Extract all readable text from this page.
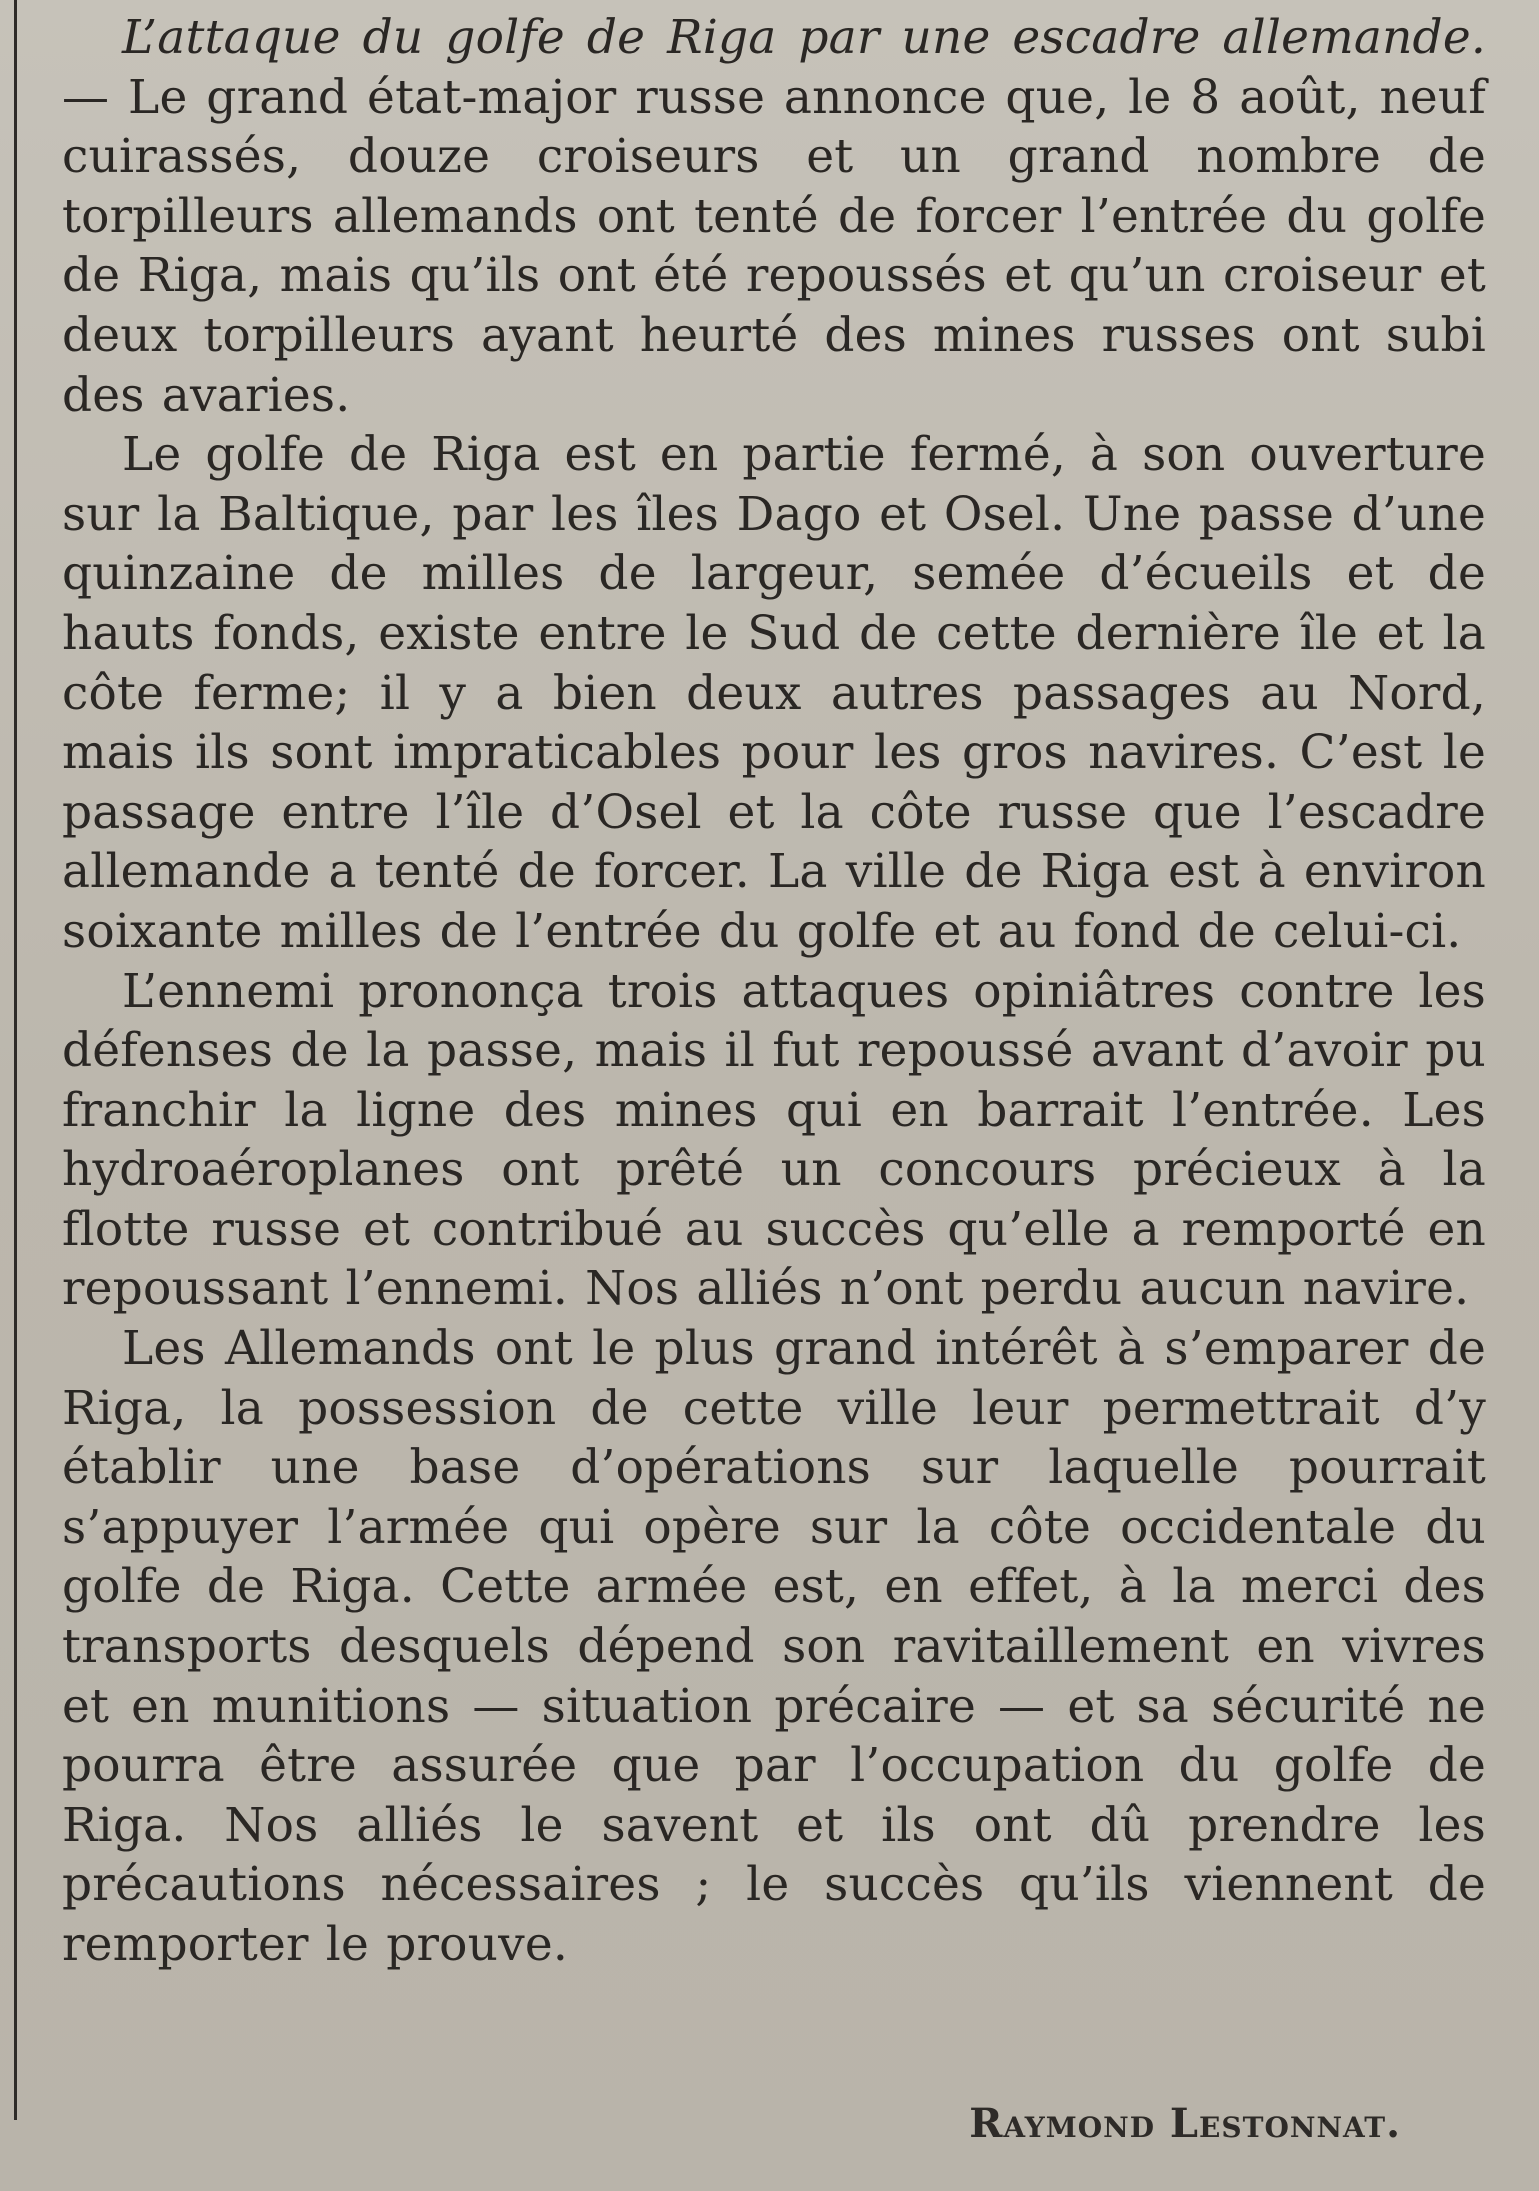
L’attaque du golfe de Riga par une escadre allemande. — Le grand état-major russe annonce que, le 8 août, neuf cuirassés, douze croiseurs et un grand nombre de torpilleurs allemands ont tenté de forcer l’entrée du golfe de Riga, mais qu’ils ont été repoussés et qu’un croiseur et deux torpilleurs ayant heurté des mines russes ont subi des avaries.

Le golfe de Riga est en partie fermé, à son ouverture sur la Baltique, par les îles Dago et Osel. Une passe d’une quinzaine de milles de largeur, semée d’écueils et de hauts fonds, existe entre le Sud de cette dernière île et la côte ferme; il y a bien deux autres passages au Nord, mais ils sont impraticables pour les gros navires. C’est le passage entre l’île d’Osel et la côte russe que l’escadre allemande a tenté de forcer. La ville de Riga est à environ soixante milles de l’entrée du golfe et au fond de celui-ci.

L’ennemi prononça trois attaques opiniâtres contre les défenses de la passe, mais il fut repoussé avant d’avoir pu franchir la ligne des mines qui en barrait l’entrée. Les hydroaéroplanes ont prêté un concours précieux à la flotte russe et contribué au succès qu’elle a remporté en repoussant l’ennemi. Nos alliés n’ont perdu aucun navire.

Les Allemands ont le plus grand intérêt à s’emparer de Riga, la possession de cette ville leur permettrait d’y établir une base d’opérations sur laquelle pourrait s’appuyer l’armée qui opère sur la côte occidentale du golfe de Riga. Cette armée est, en effet, à la merci des transports desquels dépend son ravitaillement en vivres et en munitions — situation précaire — et sa sécurité ne pourra être assurée que par l’occupation du golfe de Riga. Nos alliés le savent et ils ont dû prendre les précautions nécessaires ; le succès qu’ils viennent de remporter le prouve.

Raymond Lestonnat.
